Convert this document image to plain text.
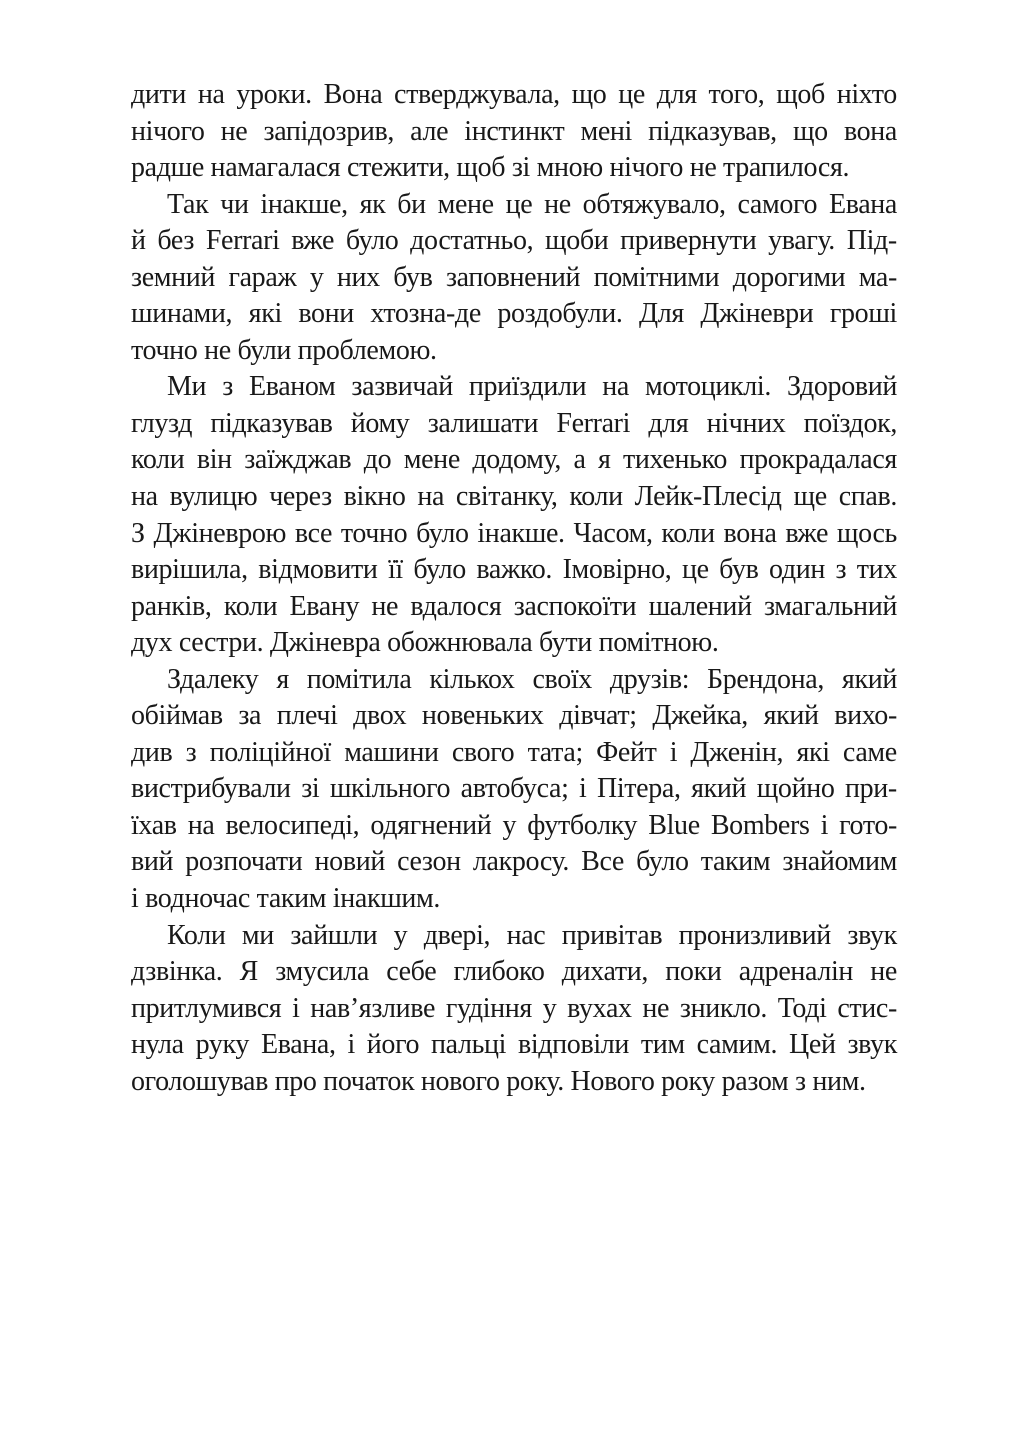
дити на уроки. Вона стверджувала, що це для того, щоб ніхто
нічого не запідозрив, але інстинкт мені підказував, що вона
радше намагалася стежити, щоб зі мною нічого не трапилося.
Так чи інакше, як би мене це не обтяжувало, самого Евана
й без Ferrari вже було достатньо, щоби привернути увагу. Під-
земний гараж у них був заповнений помітними дорогими ма-
шинами, які вони хтозна-де роздобули. Для Джіневри гроші
точно не були проблемою.
Ми з Еваном зазвичай приїздили на мотоциклі. Здоровий
глузд підказував йому залишати Ferrari для нічних поїздок,
коли він заїжджав до мене додому, а я тихенько прокрадалася
на вулицю через вікно на світанку, коли Лейк-Плесід ще спав.
З Джіневрою все точно було інакше. Часом, коли вона вже щось
вирішила, відмовити її було важко. Імовірно, це був один з тих
ранків, коли Евану не вдалося заспокоїти шалений змагальний
дух сестри. Джіневра обожнювала бути помітною.
Здалеку я помітила кількох своїх друзів: Брендона, який
обіймав за плечі двох новеньких дівчат; Джейка, який вихо-
див з поліційної машини свого тата; Фейт і Дженін, які саме
вистрибували зі шкільного автобуса; і Пітера, який щойно при-
їхав на велосипеді, одягнений у футболку Blue Bombers і гото-
вий розпочати новий сезон лакросу. Все було таким знайомим
і водночас таким інакшим.
Коли ми зайшли у двері, нас привітав пронизливий звук
дзвінка. Я змусила себе глибоко дихати, поки адреналін не
притлумився і нав’язливе гудіння у вухах не зникло. Тоді стис-
нула руку Евана, і його пальці відповіли тим самим. Цей звук
оголошував про початок нового року. Нового року разом з ним.
